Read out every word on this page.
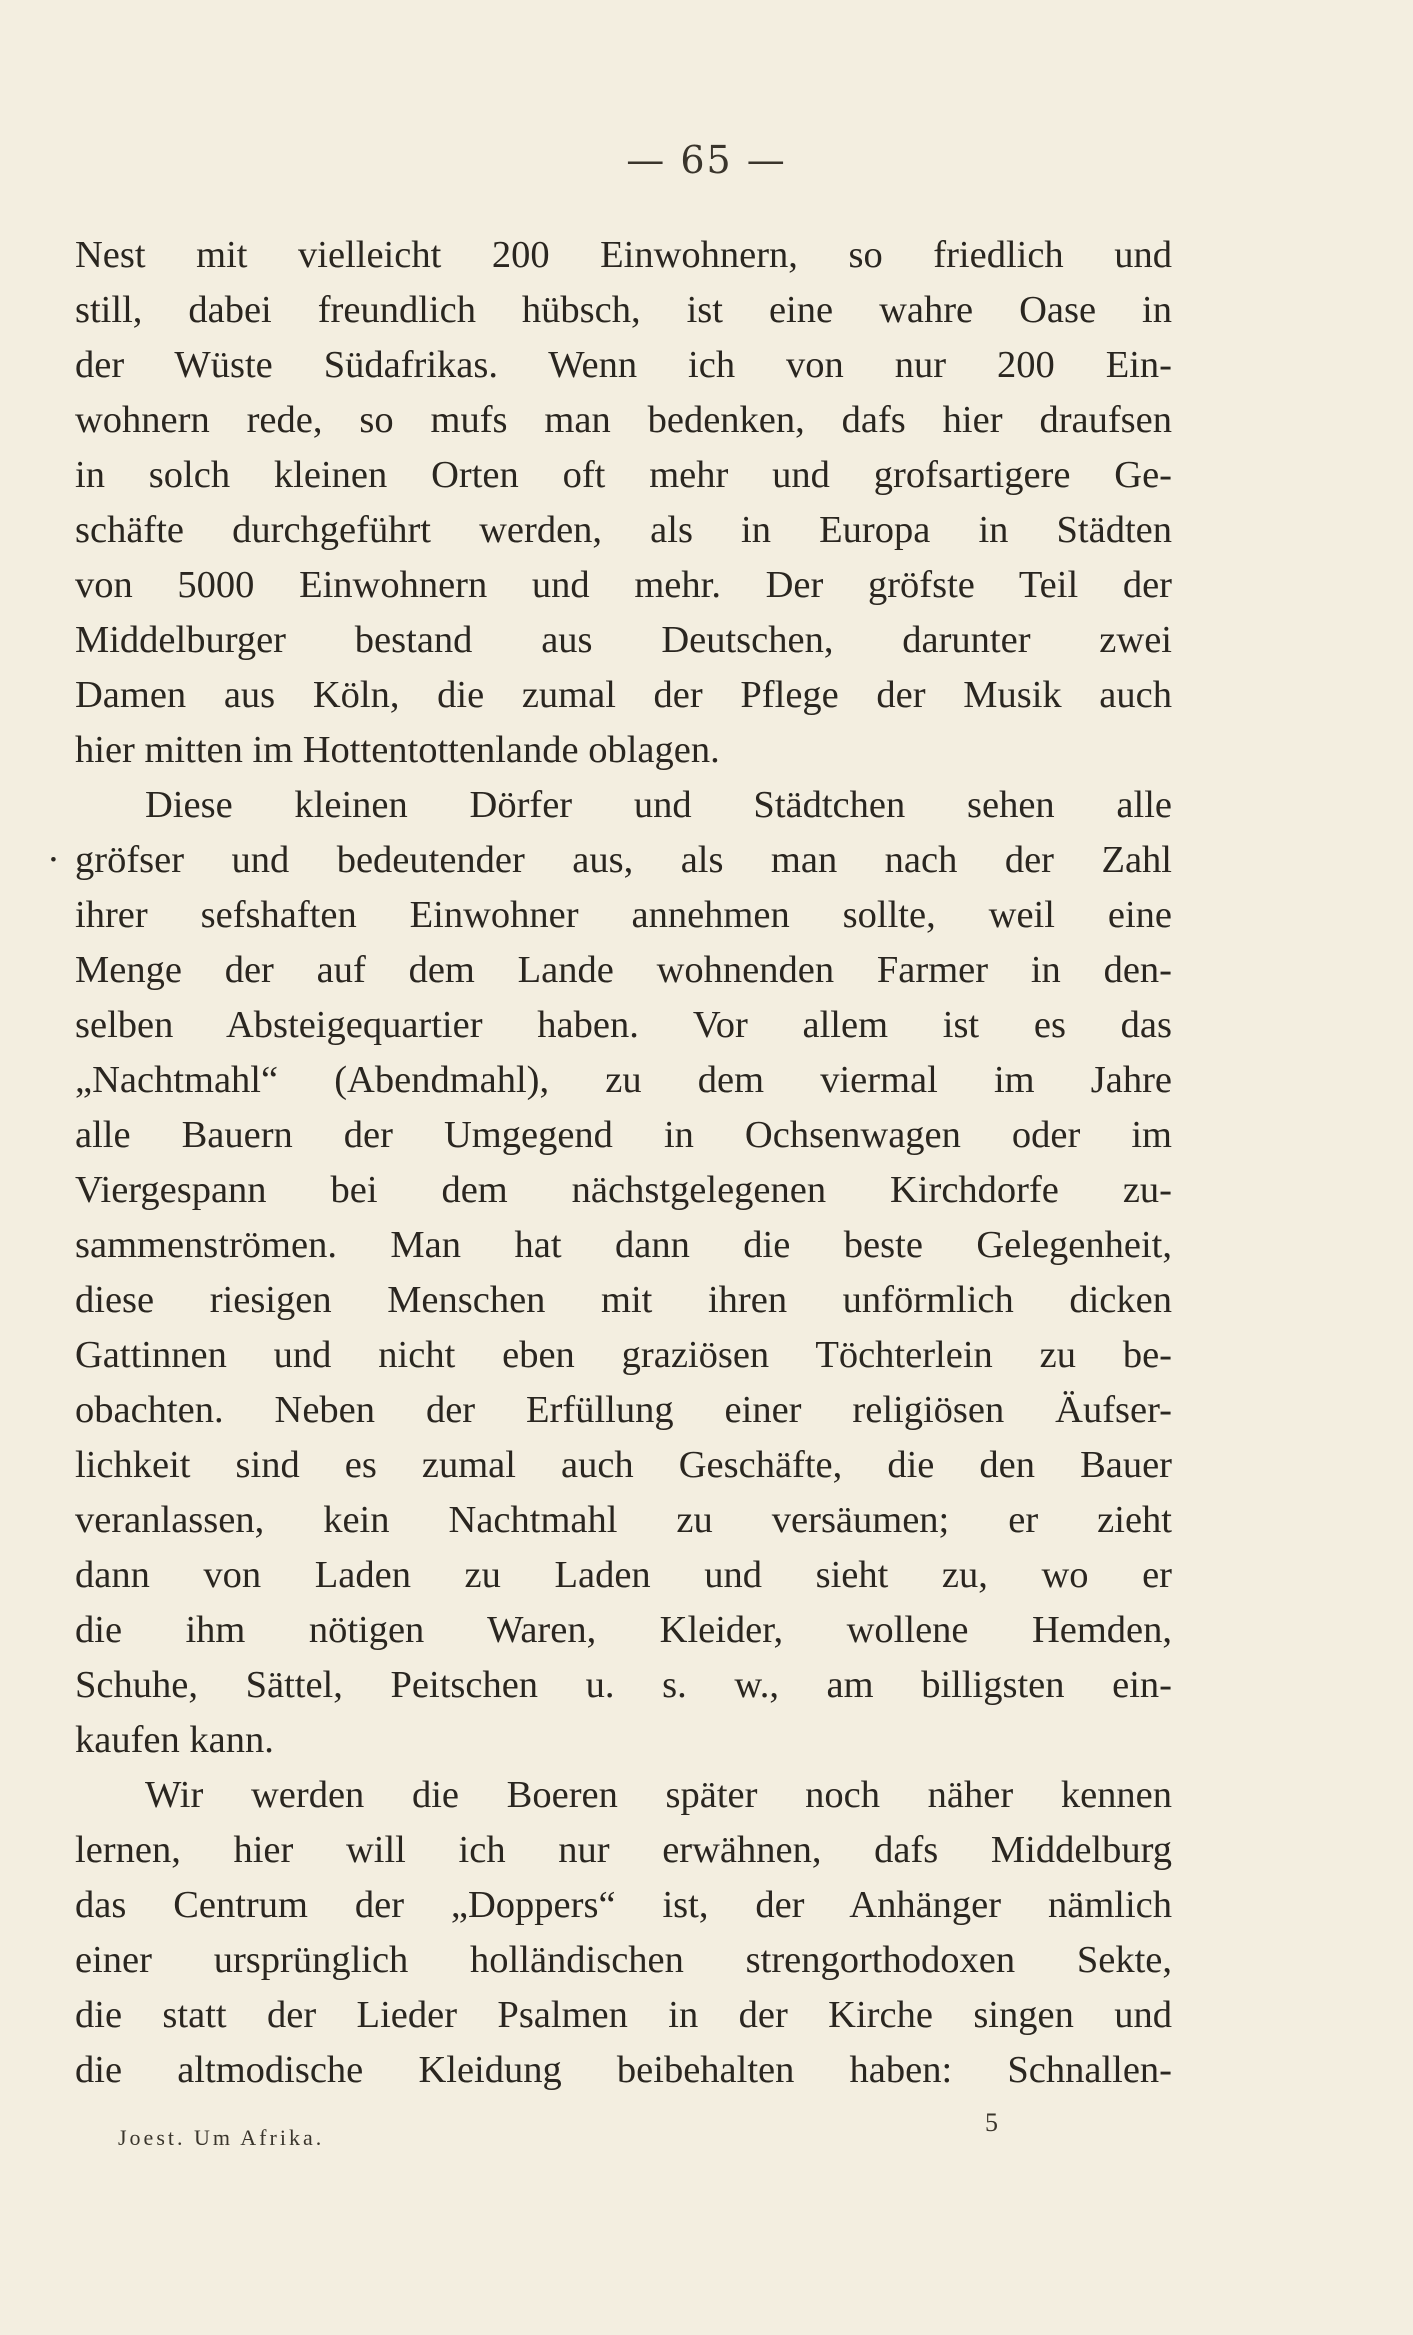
— 65 —
Nest mit vielleicht 200 Einwohnern, so friedlich und
still, dabei freundlich hübsch, ist eine wahre Oase in
der Wüste Südafrikas. Wenn ich von nur 200 Ein-
wohnern rede, so mufs man bedenken, dafs hier draufsen
in solch kleinen Orten oft mehr und grofsartigere Ge-
schäfte durchgeführt werden, als in Europa in Städten
von 5000 Einwohnern und mehr. Der gröfste Teil der
Middelburger bestand aus Deutschen, darunter zwei
Damen aus Köln, die zumal der Pflege der Musik auch
hier mitten im Hottentottenlande oblagen.
Diese kleinen Dörfer und Städtchen sehen alle
· gröfser und bedeutender aus, als man nach der Zahl
ihrer sefshaften Einwohner annehmen sollte, weil eine
Menge der auf dem Lande wohnenden Farmer in den-
selben Absteigequartier haben. Vor allem ist es das
„Nachtmahl“ (Abendmahl), zu dem viermal im Jahre
alle Bauern der Umgegend in Ochsenwagen oder im
Viergespann bei dem nächstgelegenen Kirchdorfe zu-
sammenströmen. Man hat dann die beste Gelegenheit,
diese riesigen Menschen mit ihren unförmlich dicken
Gattinnen und nicht eben graziösen Töchterlein zu be-
obachten. Neben der Erfüllung einer religiösen Äufser-
lichkeit sind es zumal auch Geschäfte, die den Bauer
veranlassen, kein Nachtmahl zu versäumen; er zieht
dann von Laden zu Laden und sieht zu, wo er
die ihm nötigen Waren, Kleider, wollene Hemden,
Schuhe, Sättel, Peitschen u. s. w., am billigsten ein-
kaufen kann.
Wir werden die Boeren später noch näher kennen
lernen, hier will ich nur erwähnen, dafs Middelburg
das Centrum der „Doppers“ ist, der Anhänger nämlich
einer ursprünglich holländischen strengorthodoxen Sekte,
die statt der Lieder Psalmen in der Kirche singen und
die altmodische Kleidung beibehalten haben: Schnallen-
Joest. Um Afrika.
5
